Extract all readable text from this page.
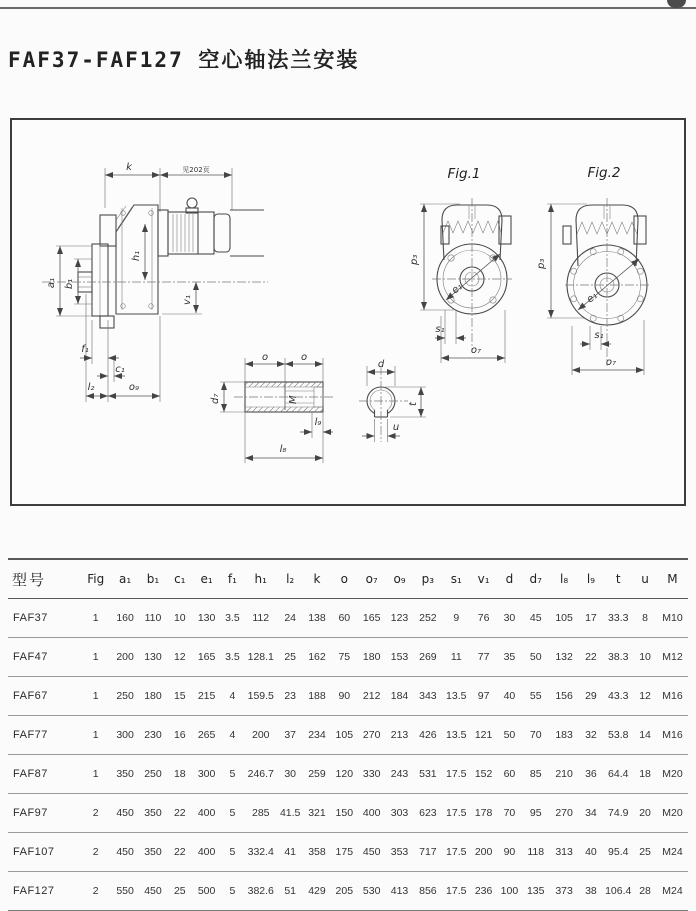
FAF37-FAF127 空心轴法兰安装
k	见202页
h₁
v₁
a₁ b₁
f₁
c₁
l₂	o₉
o	o
M
d₇
l₉
l₈
d
u
t
Fig.1
p₃
e₁
s₁
o₇
Fig.2
p₃
e₁
s₁
o₇
型号	Fig	a₁	b₁	c₁	e₁	f₁	h₁	l₂	k	o	o₇	o₉	p₃	s₁	v₁	d	d₇	l₈	l₉	t	u	M
FAF37	1	160	110	10	130	3.5	112	24	138	60	165	123	252	9	76	30	45	105	17	33.3	8	M10
FAF47	1	200	130	12	165	3.5	128.1	25	162	75	180	153	269	11	77	35	50	132	22	38.3	10	M12
FAF67	1	250	180	15	215	4	159.5	23	188	90	212	184	343	13.5	97	40	55	156	29	43.3	12	M16
FAF77	1	300	230	16	265	4	200	37	234	105	270	213	426	13.5	121	50	70	183	32	53.8	14	M16
FAF87	1	350	250	18	300	5	246.7	30	259	120	330	243	531	17.5	152	60	85	210	36	64.4	18	M20
FAF97	2	450	350	22	400	5	285	41.5	321	150	400	303	623	17.5	178	70	95	270	34	74.9	20	M20
FAF107	2	450	350	22	400	5	332.4	41	358	175	450	353	717	17.5	200	90	118	313	40	95.4	25	M24
FAF127	2	550	450	25	500	5	382.6	51	429	205	530	413	856	17.5	236	100	135	373	38	106.4	28	M24
